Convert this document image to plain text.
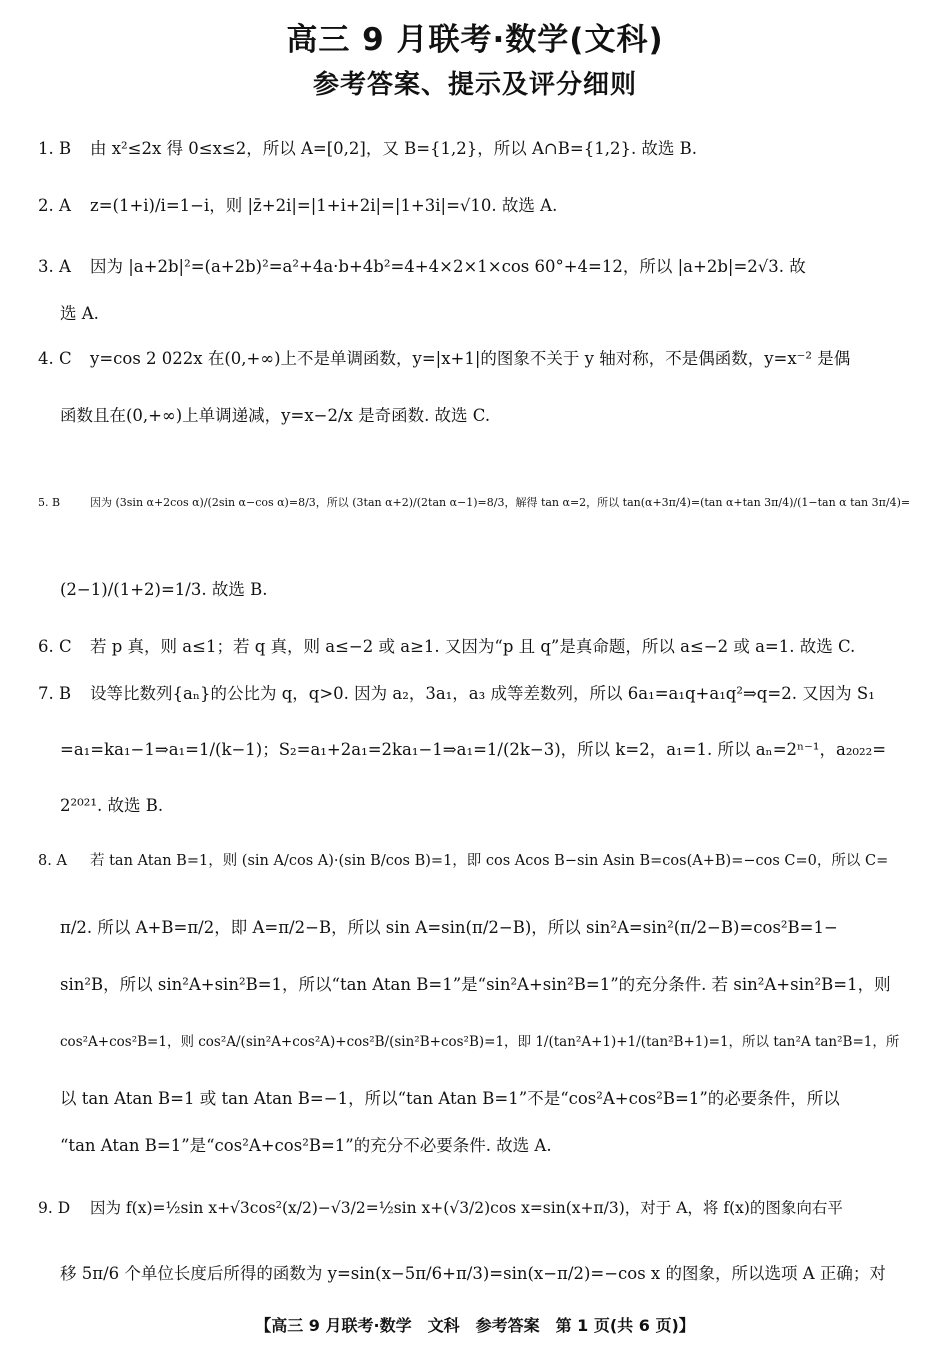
高三 9 月联考·数学(文科)
参考答案、提示及评分细则
1. B 由 x²≤2x 得 0≤x≤2，所以 A=[0,2]，又 B={1,2}，所以 A∩B={1,2}. 故选 B.
2. A z=(1+i)/i=1−i，则 |z̄+2i|=|1+i+2i|=|1+3i|=√10. 故选 A.
3. A 因为 |a+2b|²=(a+2b)²=a²+4a·b+4b²=4+4×2×1×cos 60°+4=12，所以 |a+2b|=2√3. 故
选 A.
4. C y=cos 2 022x 在(0,+∞)上不是单调函数，y=|x+1|的图象不关于 y 轴对称，不是偶函数，y=x⁻² 是偶
函数且在(0,+∞)上单调递减，y=x−2/x 是奇函数. 故选 C.
5. B	因为 (3sin α+2cos α)/(2sin α−cos α)=8/3，所以 (3tan α+2)/(2tan α−1)=8/3，解得 tan α=2，所以 tan(α+3π/4)=(tan α+tan 3π/4)/(1−tan α tan 3π/4)=
(2−1)/(1+2)=1/3. 故选 B.
6. C 若 p 真，则 a≤1；若 q 真，则 a≤−2 或 a≥1. 又因为“p 且 q”是真命题，所以 a≤−2 或 a=1. 故选 C.
7. B 设等比数列{aₙ}的公比为 q，q>0. 因为 a₂，3a₁，a₃ 成等差数列，所以 6a₁=a₁q+a₁q²⇒q=2. 又因为 S₁
=a₁=ka₁−1⇒a₁=1/(k−1)；S₂=a₁+2a₁=2ka₁−1⇒a₁=1/(2k−3)，所以 k=2，a₁=1. 所以 aₙ=2ⁿ⁻¹，a₂₀₂₂=
2²⁰²¹. 故选 B.
8. A 若 tan Atan B=1，则 (sin A/cos A)·(sin B/cos B)=1，即 cos Acos B−sin Asin B=cos(A+B)=−cos C=0，所以 C=
π/2. 所以 A+B=π/2，即 A=π/2−B，所以 sin A=sin(π/2−B)，所以 sin²A=sin²(π/2−B)=cos²B=1−
sin²B，所以 sin²A+sin²B=1，所以“tan Atan B=1”是“sin²A+sin²B=1”的充分条件. 若 sin²A+sin²B=1，则
cos²A+cos²B=1，则 cos²A/(sin²A+cos²A)+cos²B/(sin²B+cos²B)=1，即 1/(tan²A+1)+1/(tan²B+1)=1，所以 tan²A tan²B=1，所
以 tan Atan B=1 或 tan Atan B=−1，所以“tan Atan B=1”不是“cos²A+cos²B=1”的必要条件，所以
“tan Atan B=1”是“cos²A+cos²B=1”的充分不必要条件. 故选 A.
9. D 因为 f(x)=½sin x+√3cos²(x/2)−√3/2=½sin x+(√3/2)cos x=sin(x+π/3)，对于 A，将 f(x)的图象向右平
移 5π/6 个单位长度后所得的函数为 y=sin(x−5π/6+π/3)=sin(x−π/2)=−cos x 的图象，所以选项 A 正确；对
【高三 9 月联考·数学　文科　参考答案　第 1 页(共 6 页)】
